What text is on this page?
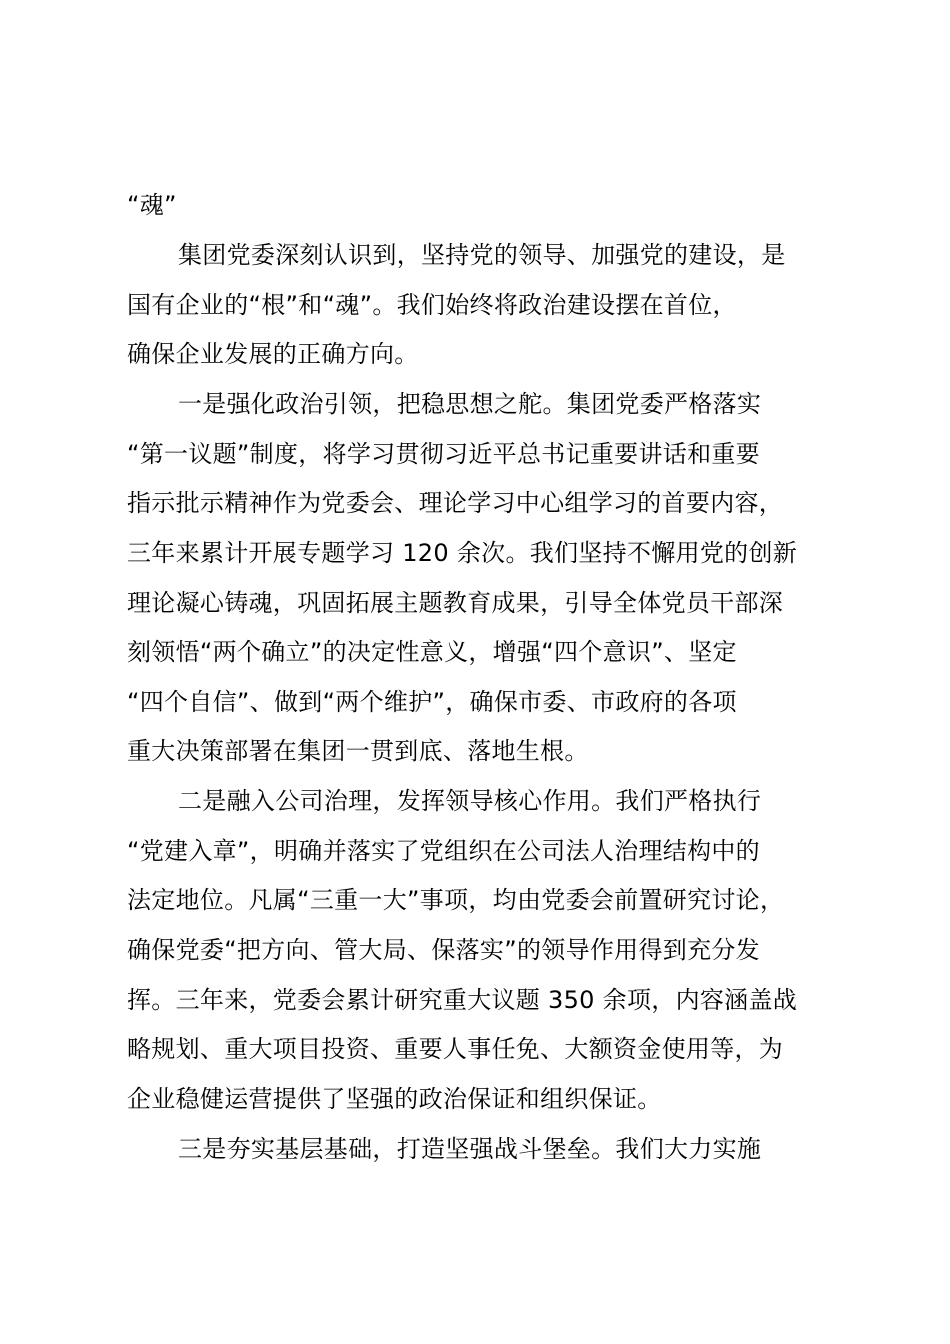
“魂”
集团党委深刻认识到，坚持党的领导、加强党的建设，是
国有企业的“根”和“魂”。我们始终将政治建设摆在首位，
确保企业发展的正确方向。
一是强化政治引领，把稳思想之舵。集团党委严格落实
“第一议题”制度，将学习贯彻习近平总书记重要讲话和重要
指示批示精神作为党委会、理论学习中心组学习的首要内容，
三年来累计开展专题学习 120 余次。我们坚持不懈用党的创新
理论凝心铸魂，巩固拓展主题教育成果，引导全体党员干部深
刻领悟“两个确立”的决定性意义，增强“四个意识”、坚定
“四个自信”、做到“两个维护”，确保市委、市政府的各项
重大决策部署在集团一贯到底、落地生根。
二是融入公司治理，发挥领导核心作用。我们严格执行
“党建入章”，明确并落实了党组织在公司法人治理结构中的
法定地位。凡属“三重一大”事项，均由党委会前置研究讨论，
确保党委“把方向、管大局、保落实”的领导作用得到充分发
挥。三年来，党委会累计研究重大议题 350 余项，内容涵盖战
略规划、重大项目投资、重要人事任免、大额资金使用等，为
企业稳健运营提供了坚强的政治保证和组织保证。
三是夯实基层基础，打造坚强战斗堡垒。我们大力实施
